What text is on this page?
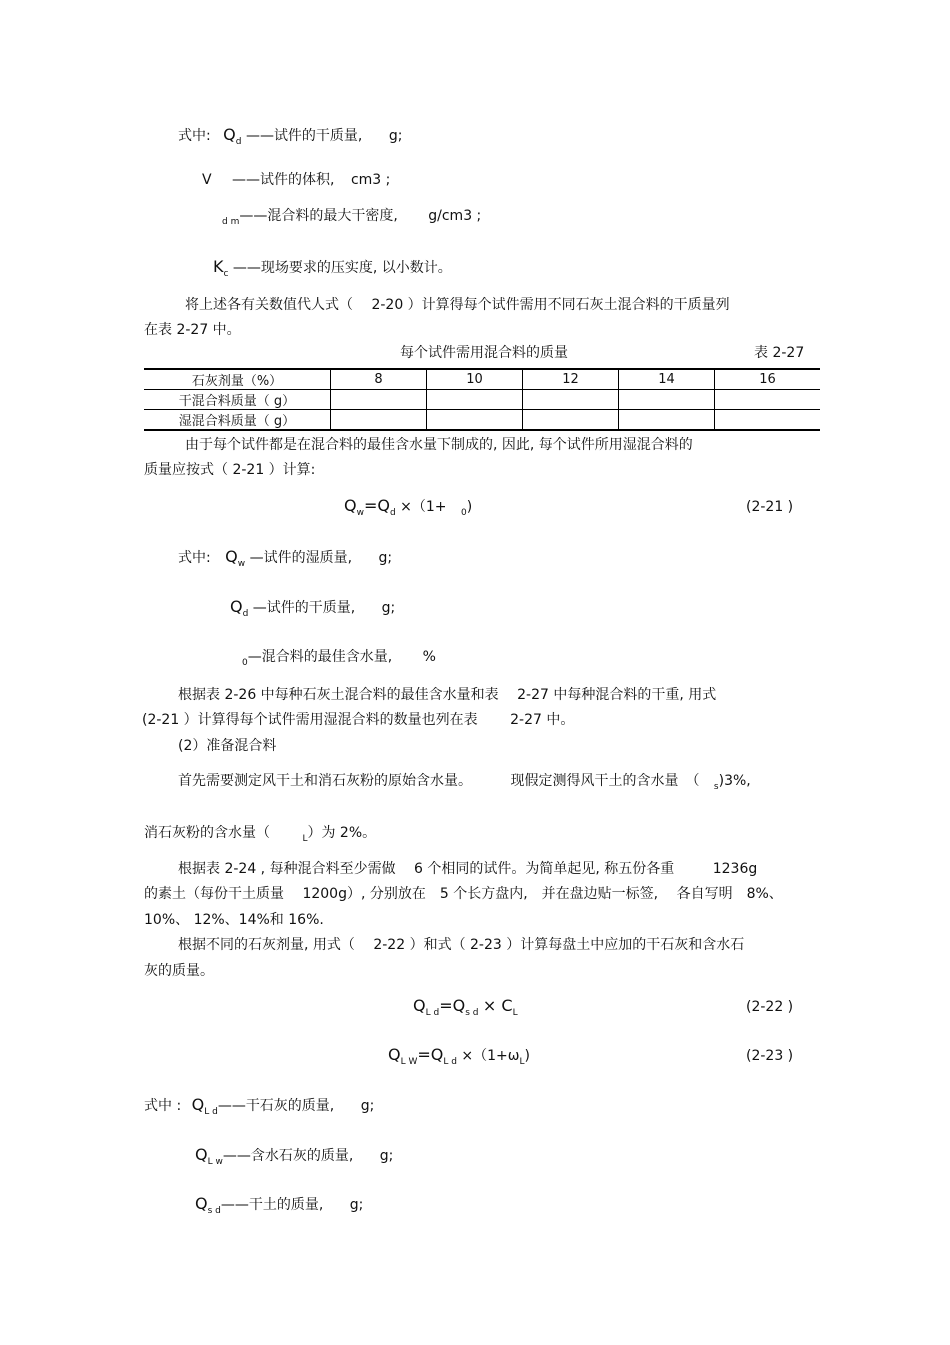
式中: $Q_d$ ——试件的干质量, g;
V ——试件的体积, cm3 ;
$_{d m}$——混合料的最大干密度, g/cm3 ;
$K_c$ ——现场要求的压实度, 以小数计。
将上述各有关数值代人式（　 2-20 ）计算得每个试件需用不同石灰土混合料的干质量列
在表 2-27 中。
每个试件需用混合料的质量	表 2-27
石灰剂量（%）	8	10	12	14	16
干混合料质量（ g）					
湿混合料质量（ g）					
由于每个试件都是在混合料的最佳含水量下制成的, 因此, 每个试件所用湿混合料的
质量应按式（ 2-21 ）计算:
$Q_w=Q_d \times(1+ _0)$	(2-21 )
式中: $Q_w$ —试件的湿质量, g;
$Q_d$ —试件的干质量, g;
$_0$—混合料的最佳含水量, %
根据表 2-26 中每种石灰土混合料的最佳含水量和表　 2-27 中每种混合料的干重, 用式
(2-21 ）计算得每个试件需用湿混合料的数量也列在表　　 2-27 中。
(2）准备混合料
首先需要测定风干土和消石灰粉的原始含水量。	现假定测得风干土的含水量　（ $_s$)3%,
消石灰粉的含水量（	$_L$）为 2%。
根据表 2-24 , 每种混合料至少需做　 6 个相同的试件。为简单起见, 称五份各重	1236g
的素土（每份干土质量　 1200g）, 分别放在　5 个长方盘内,　并在盘边贴一标签,　 各自写明　8%、
10%、 12%、14%和 16%.
根据不同的石灰剂量, 用式（　 2-22 ）和式（ 2-23 ）计算每盘土中应加的干石灰和含水石
灰的质量。
$Q_{L d}=Q_{s d} \times C_L$	(2-22 )
$Q_{L W}=Q_{L d} \times(1+\omega_L)$	(2-23 )
式中 : $Q_{L d}——$干石灰的质量, g;
$Q_{L w}——$含水石灰的质量, g;
$Q_{s d}——$干土的质量, g;
